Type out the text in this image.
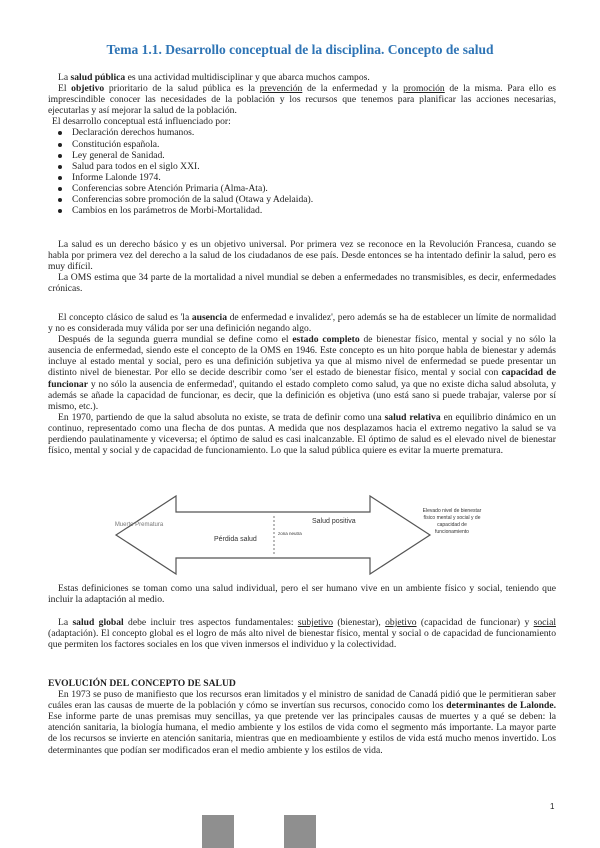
Tema 1.1. Desarrollo conceptual de la disciplina. Concepto de salud

La salud pública es una actividad multidisciplinar y que abarca muchos campos.

El objetivo prioritario de la salud pública es la prevención de la enfermedad y la promoción de la misma. Para ello es imprescindible conocer las necesidades de la población y los recursos que tenemos para planificar las acciones necesarias, ejecutarlas y así mejorar la salud de la población.

El desarrollo conceptual está influenciado por:

Declaración derechos humanos.
Constitución española.
Ley general de Sanidad.
Salud para todos en el siglo XXI.
Informe Lalonde 1974.
Conferencias sobre Atención Primaria (Alma-Ata).
Conferencias sobre promoción de la salud (Otawa y Adelaida).
Cambios en los parámetros de Morbi-Mortalidad.

La salud es un derecho básico y es un objetivo universal. Por primera vez se reconoce en la Revolución Francesa, cuando se habla por primera vez del derecho a la salud de los ciudadanos de ese país. Desde entonces se ha intentado definir la salud, pero es muy difícil.

La OMS estima que 34 parte de la mortalidad a nivel mundial se deben a enfermedades no transmisibles, es decir, enfermedades crónicas.

El concepto clásico de salud es 'la ausencia de enfermedad e invalidez', pero además se ha de establecer un límite de normalidad y no es considerada muy válida por ser una definición negando algo.

Después de la segunda guerra mundial se define como el estado completo de bienestar físico, mental y social y no sólo la ausencia de enfermedad, siendo este el concepto de la OMS en 1946. Este concepto es un hito porque habla de bienestar y además incluye al estado mental y social, pero es una definición subjetiva ya que al mismo nivel de enfermedad se puede presentar un distinto nivel de bienestar. Por ello se decide describir como 'ser el estado de bienestar físico, mental y social con capacidad de funcionar y no sólo la ausencia de enfermedad', quitando el estado completo como salud, ya que no existe dicha salud absoluta, y además se añade la capacidad de funcionar, es decir, que la definición es objetiva (uno está sano si puede trabajar, valerse por sí mismo, etc.).

En 1970, partiendo de que la salud absoluta no existe, se trata de definir como una salud relativa en equilibrio dinámico en un continuo, representado como una flecha de dos puntas. A medida que nos desplazamos hacia el extremo negativo la salud se va perdiendo paulatinamente y viceversa; el óptimo de salud es casi inalcanzable. El óptimo de salud es el elevado nivel de bienestar físico, mental y social y de capacidad de funcionamiento. Lo que la salud pública quiere es evitar la muerte prematura.

Muerte Prematura	Salud positiva
Pérdida salud
zona neutra
Elevado nivel de bienestar físico mental y social y de capacidad de funcionamiento

Estas definiciones se toman como una salud individual, pero el ser humano vive en un ambiente físico y social, teniendo que incluir la adaptación al medio.

La salud global debe incluir tres aspectos fundamentales: subjetivo (bienestar), objetivo (capacidad de funcionar) y social (adaptación). El concepto global es el logro de más alto nivel de bienestar físico, mental y social o de capacidad de funcionamiento que permiten los factores sociales en los que viven inmersos el individuo y la colectividad.

EVOLUCIÓN DEL CONCEPTO DE SALUD

En 1973 se puso de manifiesto que los recursos eran limitados y el ministro de sanidad de Canadá pidió que le permitieran saber cuáles eran las causas de muerte de la población y cómo se invertían sus recursos, conocido como los determinantes de Lalonde. Ese informe parte de unas premisas muy sencillas, ya que pretende ver las principales causas de muertes y a qué se deben: la atención sanitaria, la biología humana, el medio ambiente y los estilos de vida como el segmento más importante. La mayor parte de los recursos se invierte en atención sanitaria, mientras que en medioambiente y estilos de vida está mucho menos invertido. Los determinantes que podían ser modificados eran el medio ambiente y los estilos de vida.

1
